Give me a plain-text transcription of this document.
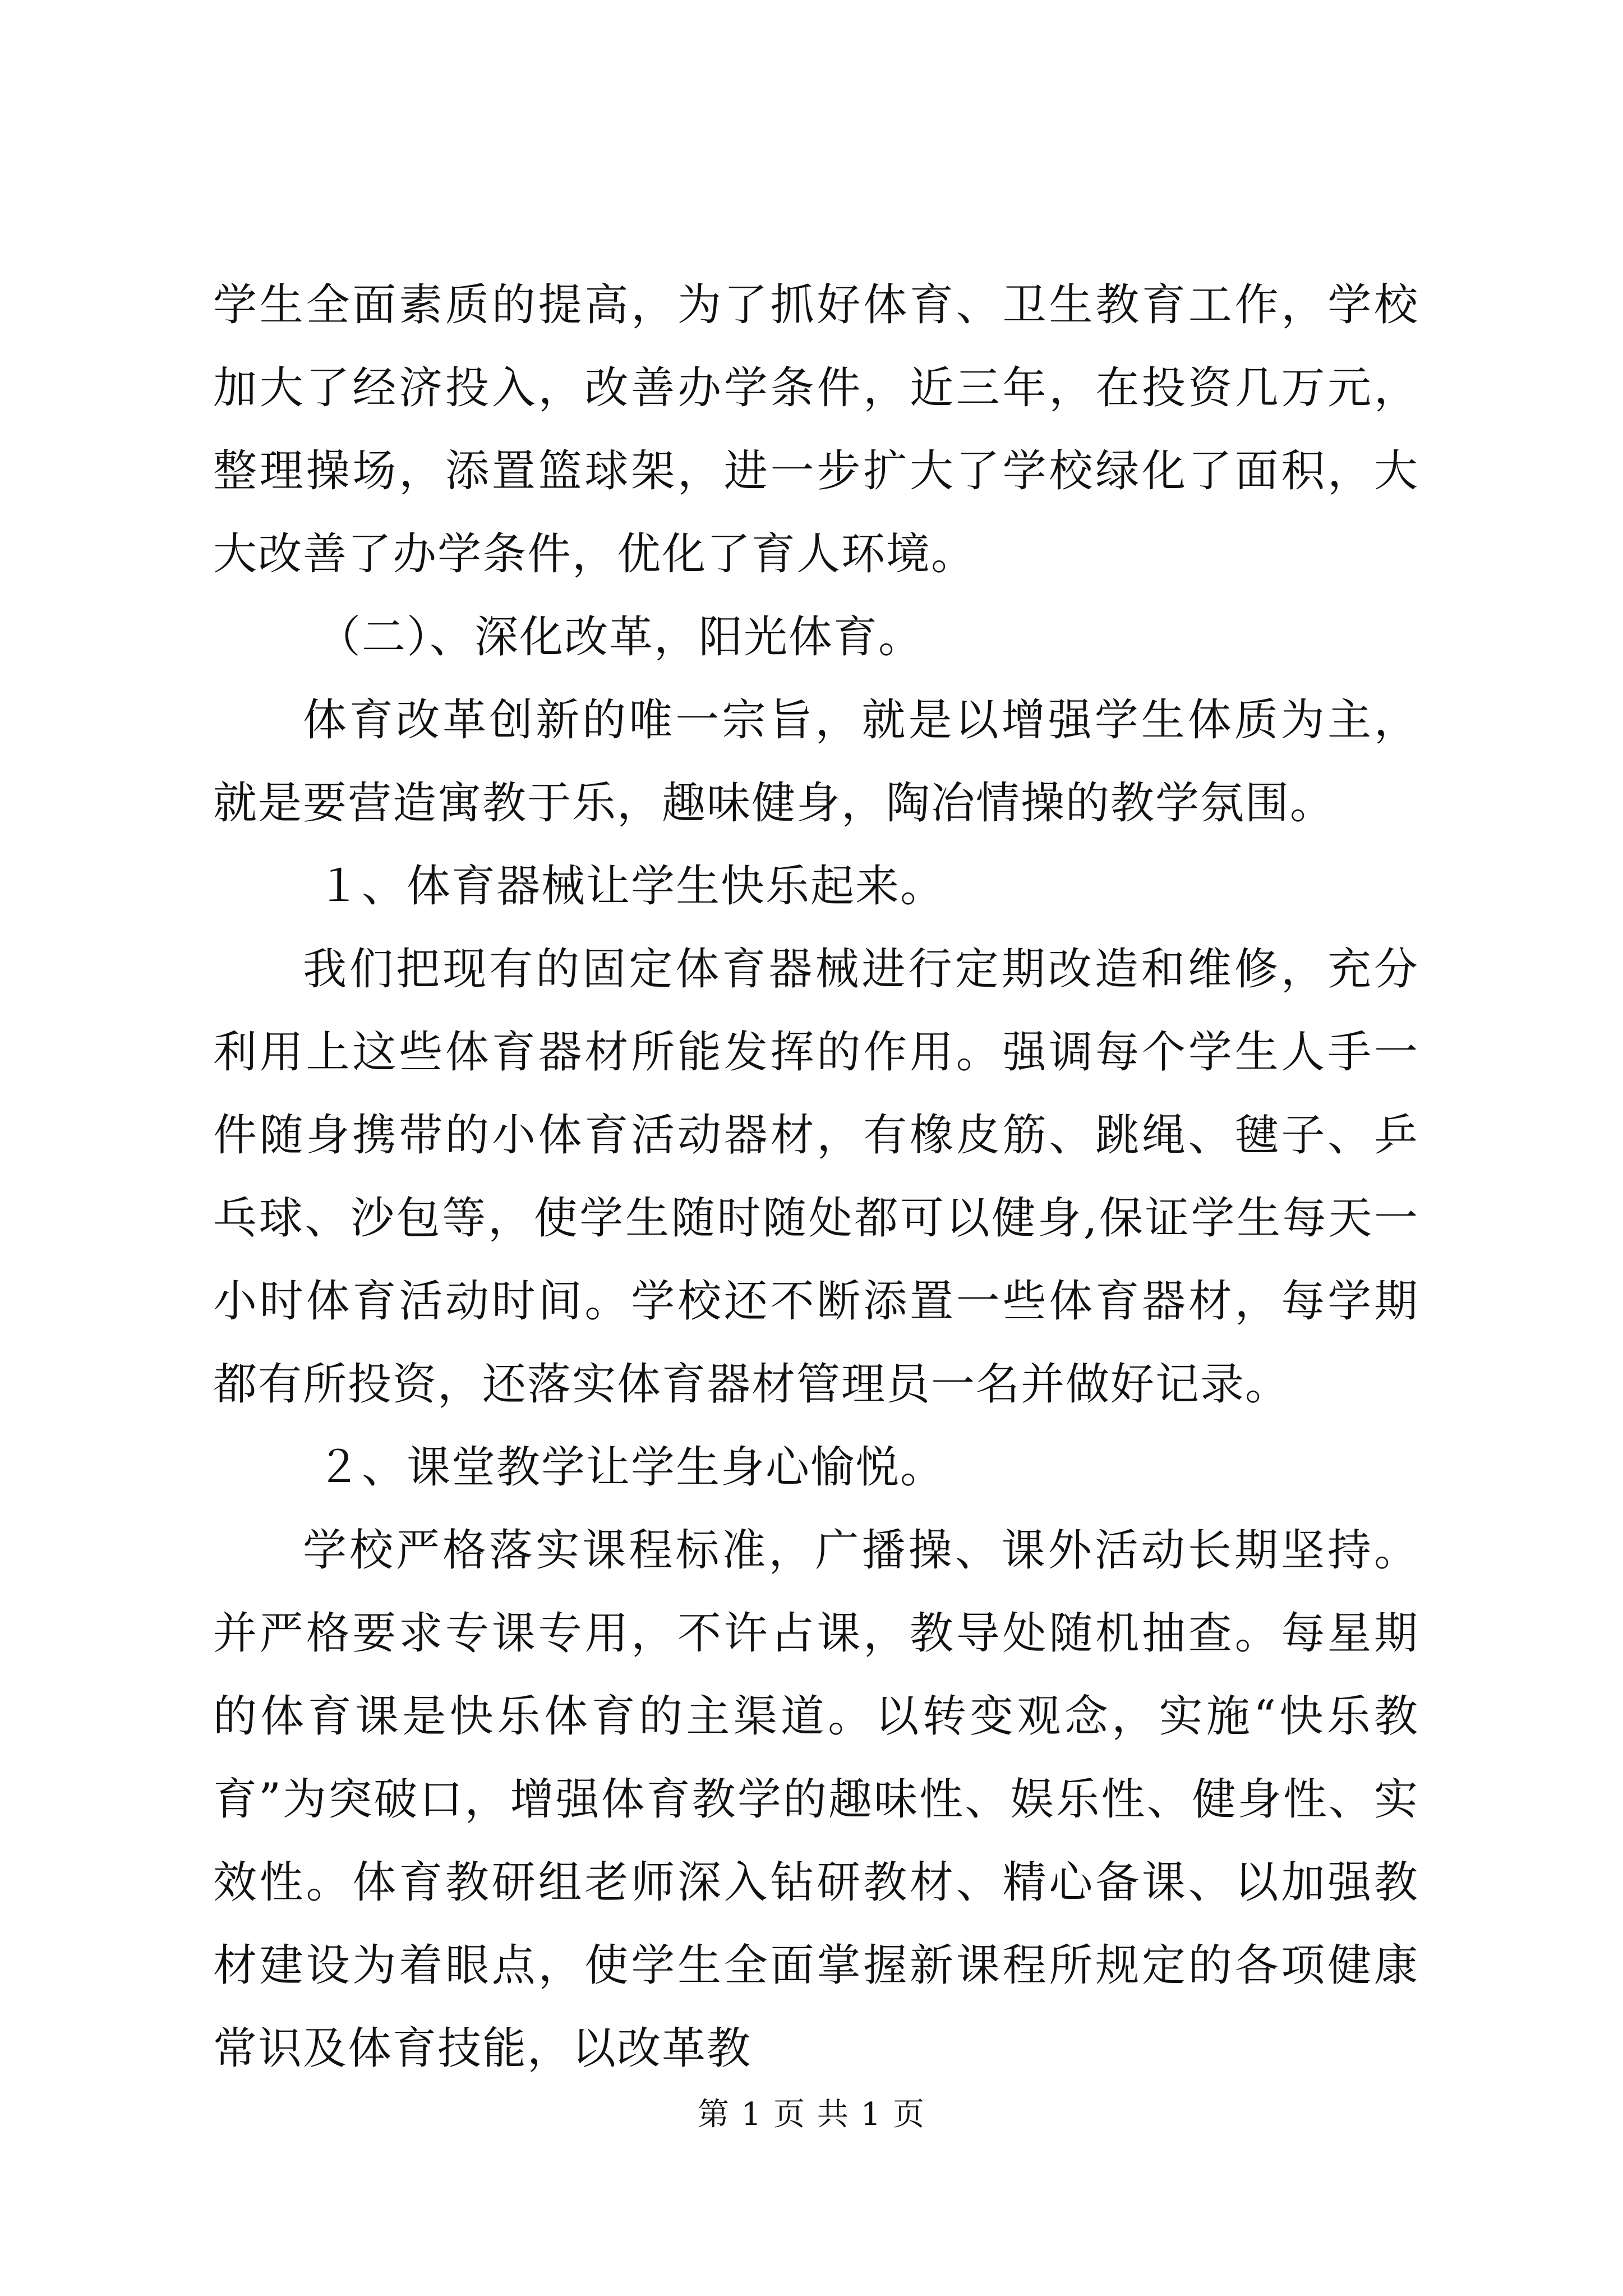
学生全面素质的提高，为了抓好体育、卫生教育工作，学校加大了经济投入，改善办学条件，近三年，在投资几万元，整理操场，添置篮球架，进一步扩大了学校绿化了面积，大大改善了办学条件，优化了育人环境。

（二）、深化改革，阳光体育。

体育改革创新的唯一宗旨，就是以增强学生体质为主，就是要营造寓教于乐，趣味健身，陶冶情操的教学氛围。

１、体育器械让学生快乐起来。

我们把现有的固定体育器械进行定期改造和维修，充分利用上这些体育器材所能发挥的作用。强调每个学生人手一件随身携带的小体育活动器材，有橡皮筋、跳绳、毽子、乒乓球、沙包等，使学生随时随处都可以健身,保证学生每天一小时体育活动时间。学校还不断添置一些体育器材，每学期都有所投资，还落实体育器材管理员一名并做好记录。

２、课堂教学让学生身心愉悦。

学校严格落实课程标准，广播操、课外活动长期坚持。并严格要求专课专用，不许占课，教导处随机抽查。每星期的体育课是快乐体育的主渠道。以转变观念，实施“快乐教育”为突破口，增强体育教学的趣味性、娱乐性、健身性、实效性。体育教研组老师深入钻研教材、精心备课、以加强教材建设为着眼点，使学生全面掌握新课程所规定的各项健康常识及体育技能，以改革教

第 1 页 共 1 页
